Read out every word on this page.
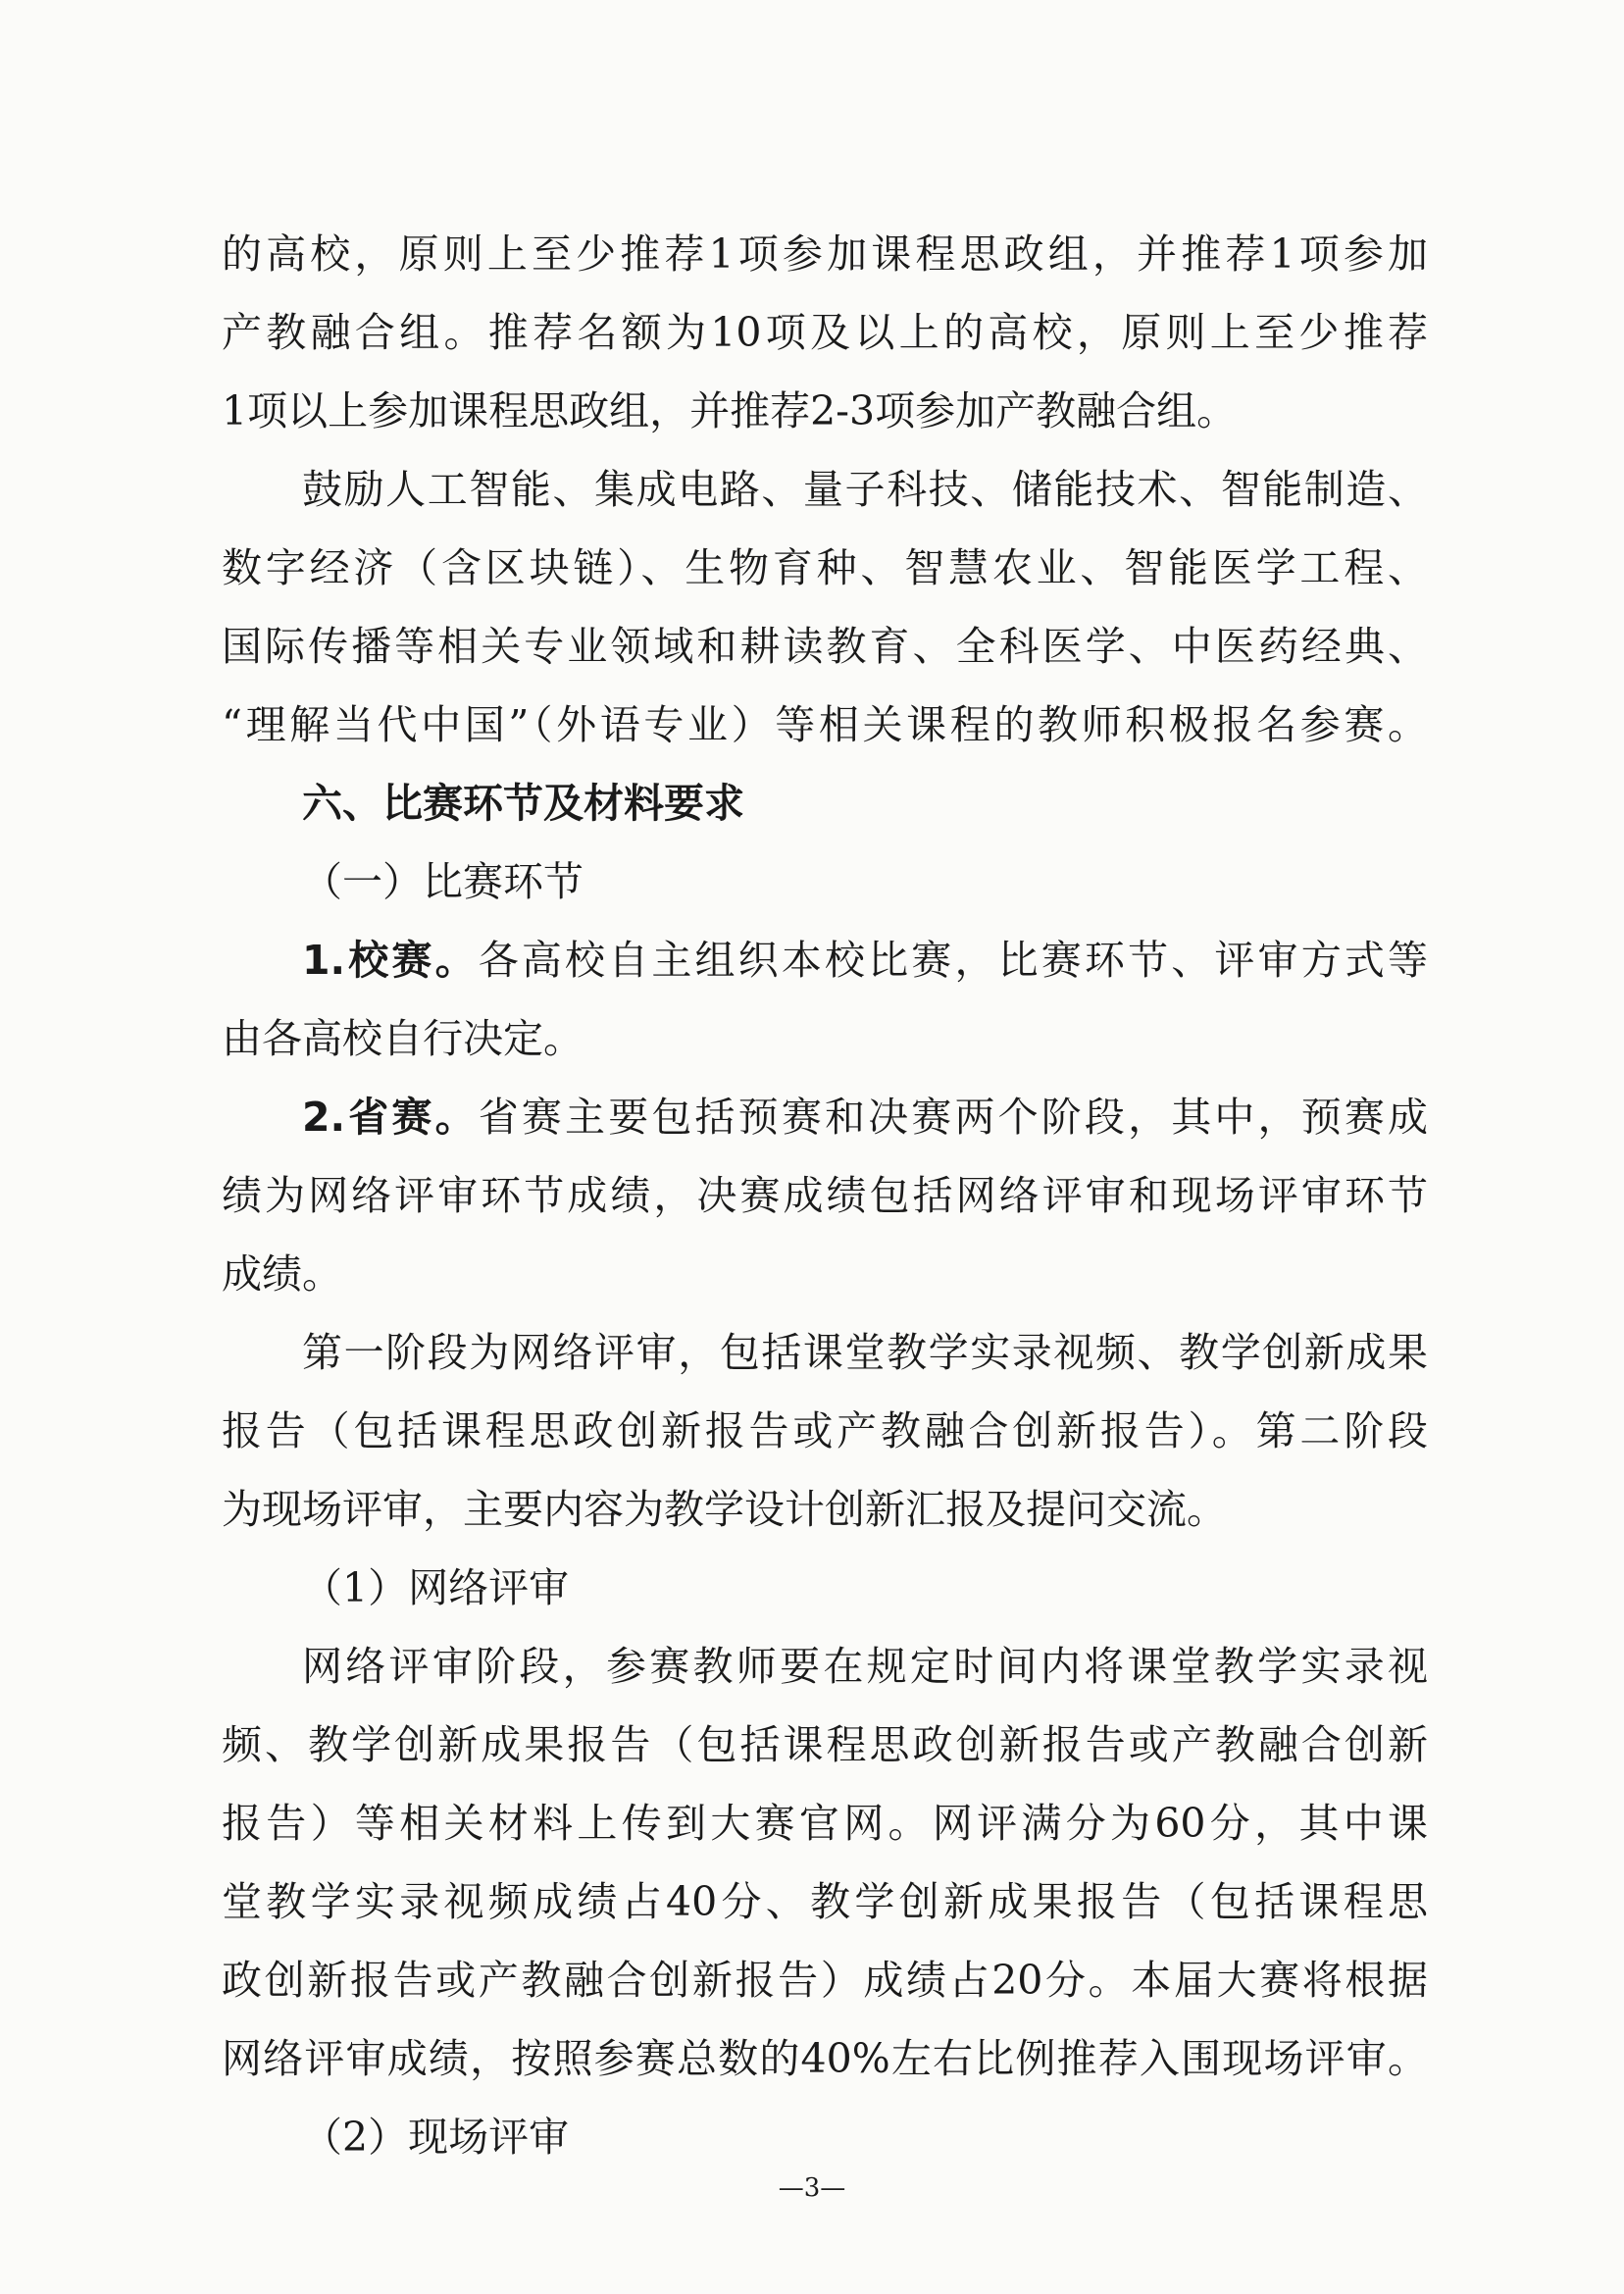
的高校，原则上至少推荐1项参加课程思政组，并推荐1项参加
产教融合组。推荐名额为10项及以上的高校，原则上至少推荐
1项以上参加课程思政组，并推荐2-3项参加产教融合组。
鼓励人工智能、集成电路、量子科技、储能技术、智能制造、
数字经济（含区块链）、生物育种、智慧农业、智能医学工程、
国际传播等相关专业领域和耕读教育、全科医学、中医药经典、
“理解当代中国”（外语专业）等相关课程的教师积极报名参赛。
六、比赛环节及材料要求
（一）比赛环节
1.校赛。各高校自主组织本校比赛，比赛环节、评审方式等
由各高校自行决定。
2.省赛。省赛主要包括预赛和决赛两个阶段，其中，预赛成
绩为网络评审环节成绩，决赛成绩包括网络评审和现场评审环节
成绩。
第一阶段为网络评审，包括课堂教学实录视频、教学创新成果
报告（包括课程思政创新报告或产教融合创新报告）。第二阶段
为现场评审，主要内容为教学设计创新汇报及提问交流。
（1）网络评审
网络评审阶段，参赛教师要在规定时间内将课堂教学实录视
频、教学创新成果报告（包括课程思政创新报告或产教融合创新
报告）等相关材料上传到大赛官网。网评满分为60分，其中课
堂教学实录视频成绩占40分、教学创新成果报告（包括课程思
政创新报告或产教融合创新报告）成绩占20分。本届大赛将根据
网络评审成绩，按照参赛总数的40%左右比例推荐入围现场评审。
（2）现场评审
—3—
